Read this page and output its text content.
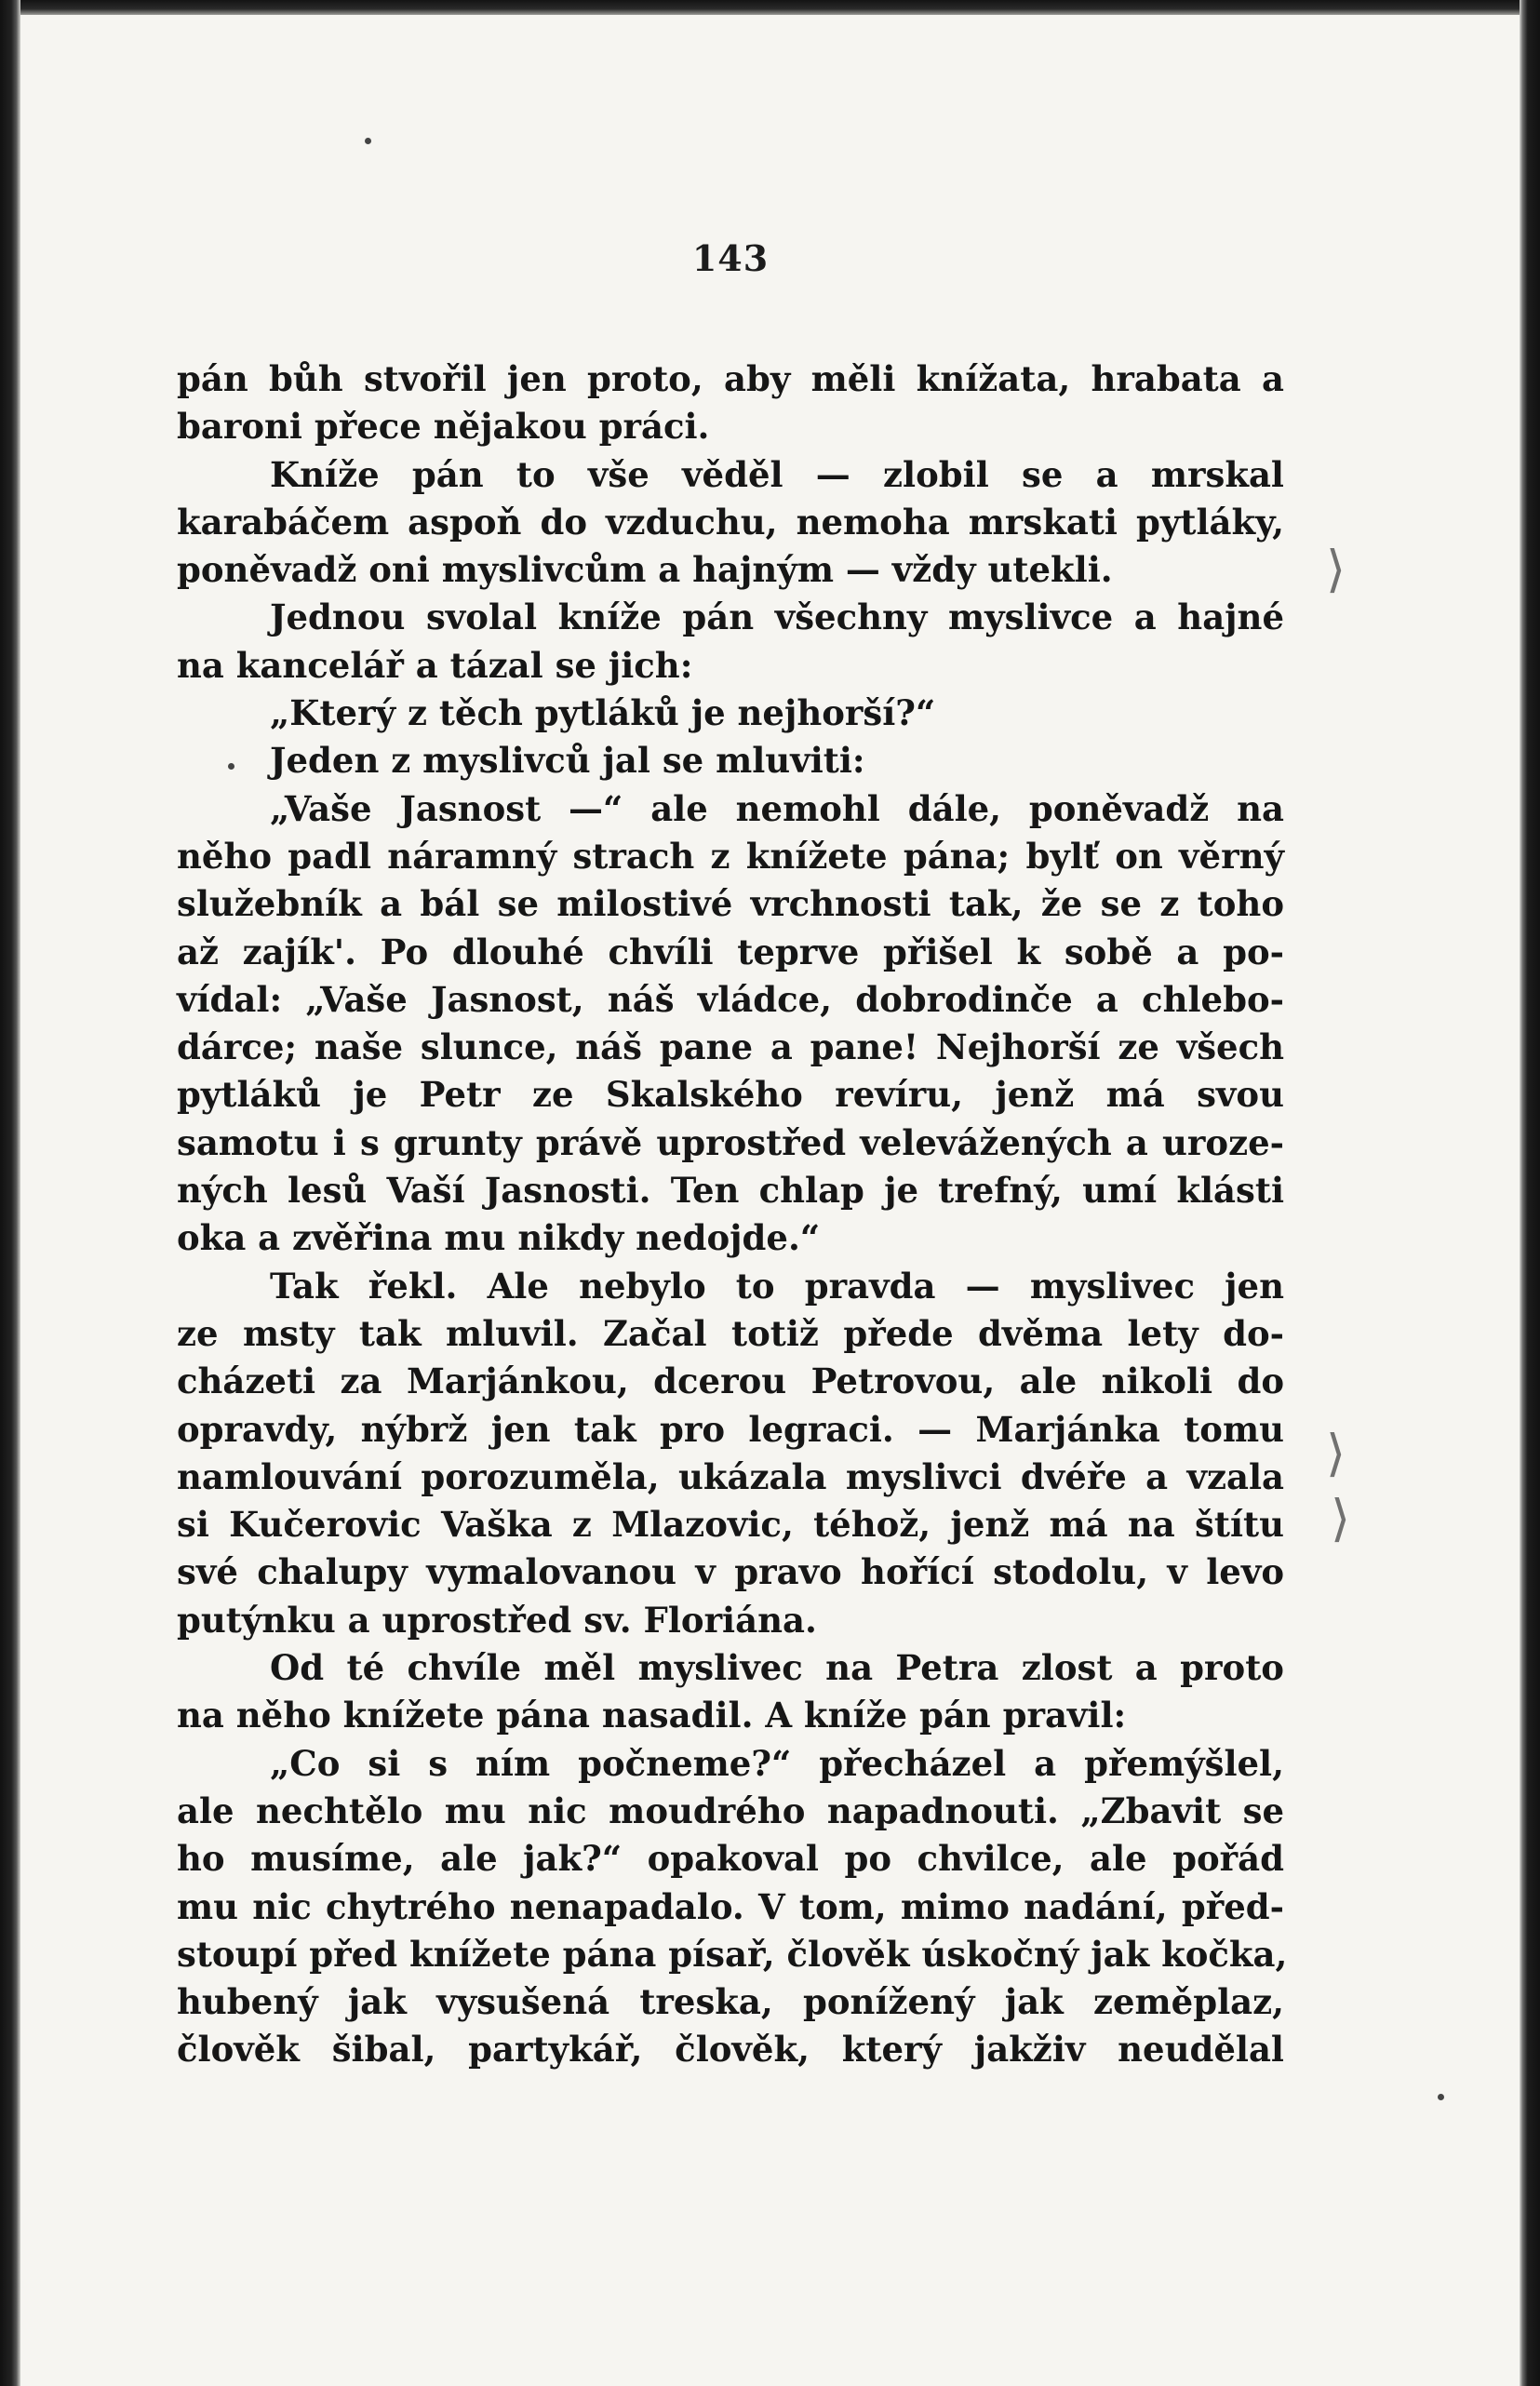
143
pán bůh stvořil jen proto, aby měli knížata, hrabata a
baroni přece nějakou práci.
Kníže pán to vše věděl — zlobil se a mrskal
karabáčem aspoň do vzduchu, nemoha mrskati pytláky,
poněvadž oni myslivcům a hajným — vždy utekli.
Jednou svolal kníže pán všechny myslivce a hajné
na kancelář a tázal se jich:
„Který z těch pytláků je nejhorší?“
Jeden z myslivců jal se mluviti:
„Vaše Jasnost —“ ale nemohl dále, poněvadž na
něho padl náramný strach z knížete pána; bylť on věrný
služebník a bál se milostivé vrchnosti tak, že se z toho
až zajík'. Po dlouhé chvíli teprve přišel k sobě a po-
vídal: „Vaše Jasnost, náš vládce, dobrodinče a chlebo-
dárce; naše slunce, náš pane a pane! Nejhorší ze všech
pytláků je Petr ze Skalského revíru, jenž má svou
samotu i s grunty právě uprostřed velevážených a uroze-
ných lesů Vaší Jasnosti. Ten chlap je trefný, umí klásti
oka a zvěřina mu nikdy nedojde.“
Tak řekl. Ale nebylo to pravda — myslivec jen
ze msty tak mluvil. Začal totiž přede dvěma lety do-
cházeti za Marjánkou, dcerou Petrovou, ale nikoli do
opravdy, nýbrž jen tak pro legraci. — Marjánka tomu
namlouvání porozuměla, ukázala myslivci dvéře a vzala
si Kučerovic Vaška z Mlazovic, téhož, jenž má na štítu
své chalupy vymalovanou v pravo hořící stodolu, v levo
putýnku a uprostřed sv. Floriána.
Od té chvíle měl myslivec na Petra zlost a proto
na něho knížete pána nasadil. A kníže pán pravil:
„Co si s ním počneme?“ přecházel a přemýšlel,
ale nechtělo mu nic moudrého napadnouti. „Zbavit se
ho musíme, ale jak?“ opakoval po chvilce, ale pořád
mu nic chytrého nenapadalo. V tom, mimo nadání, před-
stoupí před knížete pána písař, člověk úskočný jak kočka,
hubený jak vysušená treska, ponížený jak zeměplaz,
člověk šibal, partykář, člověk, který jakživ neudělal
⟩
⟩
⟩
